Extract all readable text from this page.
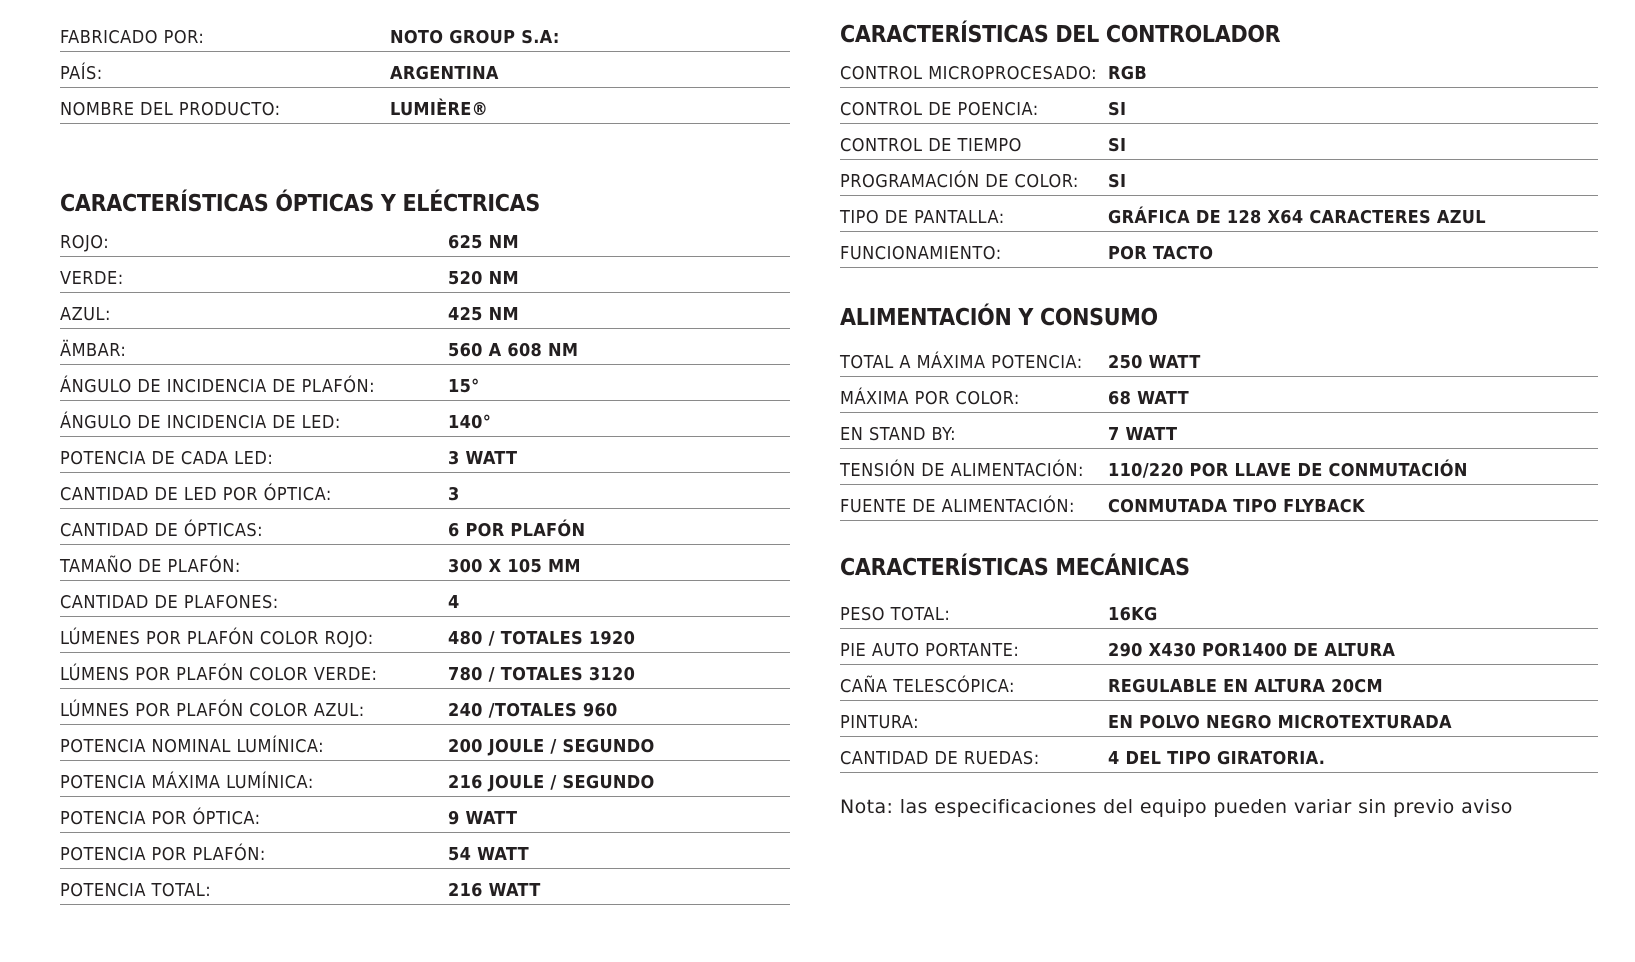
FABRICADO POR:	NOTO GROUP S.A:
PAÍS:	ARGENTINA
NOMBRE DEL PRODUCTO:	LUMIÈRE®
CARACTERÍSTICAS ÓPTICAS Y ELÉCTRICAS
ROJO:	625 NM
VERDE:	520 NM
AZUL:	425 NM
ÄMBAR:	560 A 608 NM
ÁNGULO DE INCIDENCIA DE PLAFÓN:	15°
ÁNGULO DE INCIDENCIA DE LED:	140°
POTENCIA DE CADA LED:	3 WATT
CANTIDAD DE LED POR ÓPTICA:	3
CANTIDAD DE ÓPTICAS:	6 POR PLAFÓN
TAMAÑO DE PLAFÓN:	300 X 105 MM
CANTIDAD DE PLAFONES:	4
LÚMENES POR PLAFÓN COLOR ROJO:	480 / TOTALES 1920
LÚMENS POR PLAFÓN COLOR VERDE:	780 / TOTALES 3120
LÚMNES POR PLAFÓN COLOR AZUL:	240 /TOTALES 960
POTENCIA NOMINAL LUMÍNICA:	200 JOULE / SEGUNDO
POTENCIA MÁXIMA LUMÍNICA:	216 JOULE / SEGUNDO
POTENCIA POR ÓPTICA:	9 WATT
POTENCIA POR PLAFÓN:	54 WATT
POTENCIA TOTAL:	216 WATT
CARACTERÍSTICAS DEL CONTROLADOR
CONTROL MICROPROCESADO: RGB
CONTROL DE POENCIA:	SI
CONTROL DE TIEMPO	SI
PROGRAMACIÓN DE COLOR: SI
TIPO DE PANTALLA:	GRÁFICA DE 128 X64 CARACTERES AZUL
FUNCIONAMIENTO:	POR TACTO
ALIMENTACIÓN Y CONSUMO
TOTAL A MÁXIMA POTENCIA: 250 WATT
MÁXIMA POR COLOR:	68 WATT
EN STAND BY:	7 WATT
TENSIÓN DE ALIMENTACIÓN: 110/220 POR LLAVE DE CONMUTACIÓN
FUENTE DE ALIMENTACIÓN: CONMUTADA TIPO FLYBACK
CARACTERÍSTICAS MECÁNICAS
PESO TOTAL:	16KG
PIE AUTO PORTANTE:	290 X430 POR1400 DE ALTURA
CAÑA TELESCÓPICA:	REGULABLE EN ALTURA 20CM
PINTURA:	EN POLVO NEGRO MICROTEXTURADA
CANTIDAD DE RUEDAS:	4 DEL TIPO GIRATORIA.
Nota: las especificaciones del equipo pueden variar sin previo aviso
